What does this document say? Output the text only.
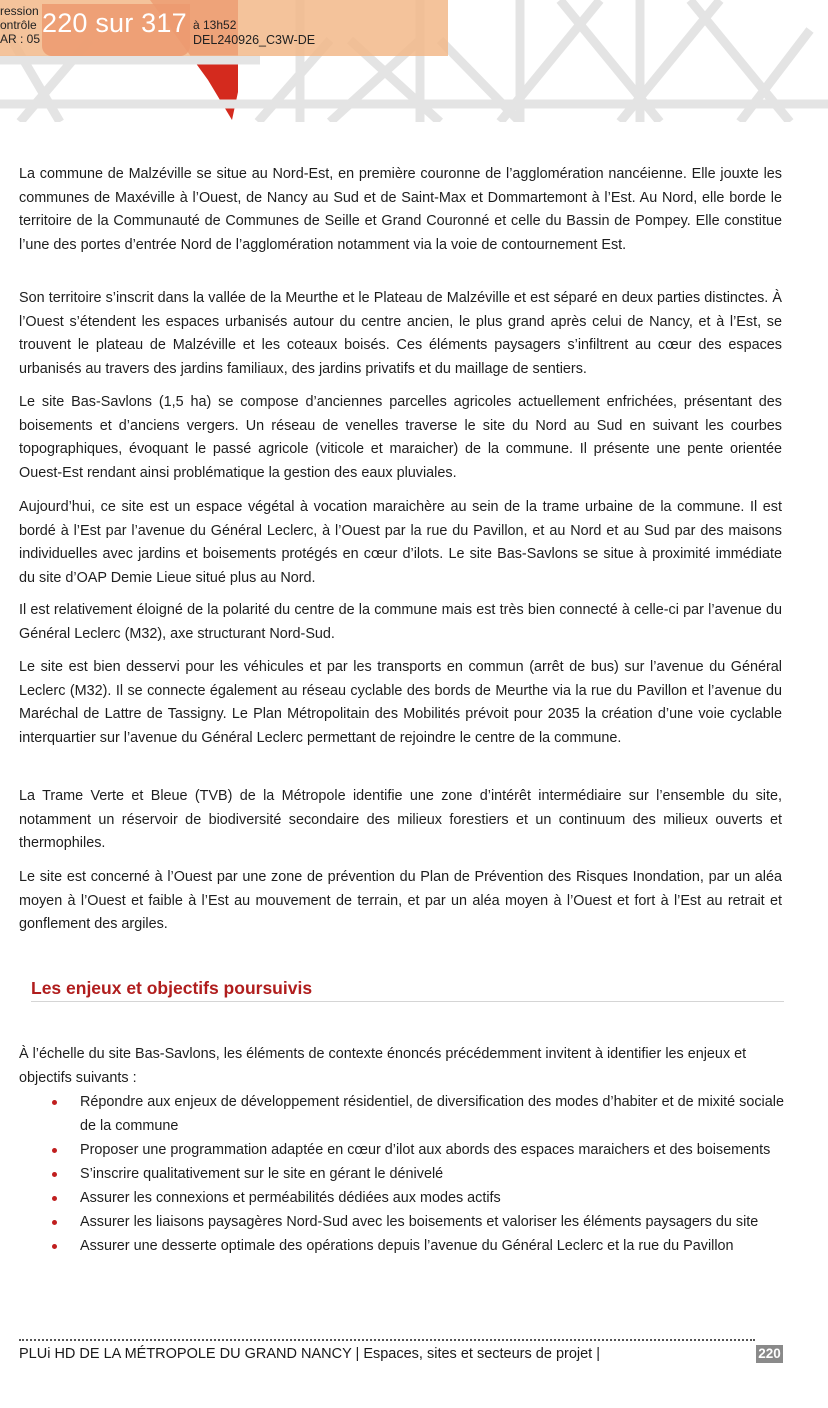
220 sur 317
ression
ontrôle
AR : 05
à 13h52
DEL240926_C3W-DE

La commune de Malzéville se situe au Nord-Est, en première couronne de l’agglomération nancéienne. Elle jouxte les communes de Maxéville à l’Ouest, de Nancy au Sud et de Saint-Max et Dommartemont à l’Est. Au Nord, elle borde le territoire de la Communauté de Communes de Seille et Grand Couronné et celle du Bassin de Pompey. Elle constitue l’une des portes d’entrée Nord de l’agglomération notamment via la voie de contournement Est.

Son territoire s’inscrit dans la vallée de la Meurthe et le Plateau de Malzéville et est séparé en deux parties distinctes. À l’Ouest s’étendent les espaces urbanisés autour du centre ancien, le plus grand après celui de Nancy, et à l’Est, se trouvent le plateau de Malzéville et les coteaux boisés. Ces éléments paysagers s’infiltrent au cœur des espaces urbanisés au travers des jardins familiaux, des jardins privatifs et du maillage de sentiers.

Le site Bas-Savlons (1,5 ha) se compose d’anciennes parcelles agricoles actuellement enfrichées, présentant des boisements et d’anciens vergers. Un réseau de venelles traverse le site du Nord au Sud en suivant les courbes topographiques, évoquant le passé agricole (viticole et maraicher) de la commune. Il présente une pente orientée Ouest-Est rendant ainsi problématique la gestion des eaux pluviales.

Aujourd’hui, ce site est un espace végétal à vocation maraichère au sein de la trame urbaine de la commune. Il est bordé à l’Est par l’avenue du Général Leclerc, à l’Ouest par la rue du Pavillon, et au Nord et au Sud par des maisons individuelles avec jardins et boisements protégés en cœur d’ilots. Le site Bas-Savlons se situe à proximité immédiate du site d’OAP Demie Lieue situé plus au Nord.

Il est relativement éloigné de la polarité du centre de la commune mais est très bien connecté à celle-ci par l’avenue du Général Leclerc (M32), axe structurant Nord-Sud.

Le site est bien desservi pour les véhicules et par les transports en commun (arrêt de bus) sur l’avenue du Général Leclerc (M32). Il se connecte également au réseau cyclable des bords de Meurthe via la rue du Pavillon et l’avenue du Maréchal de Lattre de Tassigny. Le Plan Métropolitain des Mobilités prévoit pour 2035 la création d’une voie cyclable interquartier sur l’avenue du Général Leclerc permettant de rejoindre le centre de la commune.

La Trame Verte et Bleue (TVB) de la Métropole identifie une zone d’intérêt intermédiaire sur l’ensemble du site, notamment un réservoir de biodiversité secondaire des milieux forestiers et un continuum des milieux ouverts et thermophiles.

Le site est concerné à l’Ouest par une zone de prévention du Plan de Prévention des Risques Inondation, par un aléa moyen à l’Ouest et faible à l’Est au mouvement de terrain, et par un aléa moyen à l’Ouest et fort à l’Est au retrait et gonflement des argiles.

Les enjeux et objectifs poursuivis

À l’échelle du site Bas-Savlons, les éléments de contexte énoncés précédemment invitent à identifier les enjeux et objectifs suivants :

Répondre aux enjeux de développement résidentiel, de diversification des modes d’habiter et de mixité sociale de la commune
Proposer une programmation adaptée en cœur d’ilot aux abords des espaces maraichers et des boisements
S’inscrire qualitativement sur le site en gérant le dénivelé
Assurer les connexions et perméabilités dédiées aux modes actifs
Assurer les liaisons paysagères Nord-Sud avec les boisements et valoriser les éléments paysagers du site
Assurer une desserte optimale des opérations depuis l’avenue du Général Leclerc et la rue du Pavillon
PLUi HD DE LA MÉTROPOLE DU GRAND NANCY | Espaces, sites et secteurs de projet |	220
